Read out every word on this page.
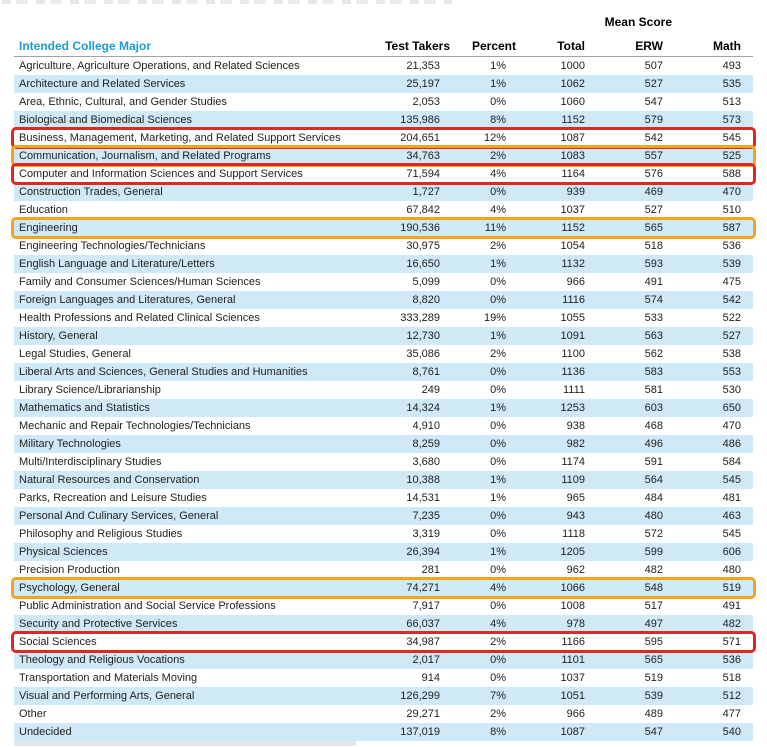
Mean Score
Intended College Major	Test Takers	Percent	Total	ERW	Math
Agriculture, Agriculture Operations, and Related Sciences	21,353	1%	1000	507	493
Architecture and Related Services	25,197	1%	1062	527	535
Area, Ethnic, Cultural, and Gender Studies	2,053	0%	1060	547	513
Biological and Biomedical Sciences	135,986	8%	1152	579	573
Business, Management, Marketing, and Related Support Services	204,651	12%	1087	542	545
Communication, Journalism, and Related Programs	34,763	2%	1083	557	525
Computer and Information Sciences and Support Services	71,594	4%	1164	576	588
Construction Trades, General	1,727	0%	939	469	470
Education	67,842	4%	1037	527	510
Engineering	190,536	11%	1152	565	587
Engineering Technologies/Technicians	30,975	2%	1054	518	536
English Language and Literature/Letters	16,650	1%	1132	593	539
Family and Consumer Sciences/Human Sciences	5,099	0%	966	491	475
Foreign Languages and Literatures, General	8,820	0%	1116	574	542
Health Professions and Related Clinical Sciences	333,289	19%	1055	533	522
History, General	12,730	1%	1091	563	527
Legal Studies, General	35,086	2%	1100	562	538
Liberal Arts and Sciences, General Studies and Humanities	8,761	0%	1136	583	553
Library Science/Librarianship	249	0%	1111	581	530
Mathematics and Statistics	14,324	1%	1253	603	650
Mechanic and Repair Technologies/Technicians	4,910	0%	938	468	470
Military Technologies	8,259	0%	982	496	486
Multi/Interdisciplinary Studies	3,680	0%	1174	591	584
Natural Resources and Conservation	10,388	1%	1109	564	545
Parks, Recreation and Leisure Studies	14,531	1%	965	484	481
Personal And Culinary Services, General	7,235	0%	943	480	463
Philosophy and Religious Studies	3,319	0%	1118	572	545
Physical Sciences	26,394	1%	1205	599	606
Precision Production	281	0%	962	482	480
Psychology, General	74,271	4%	1066	548	519
Public Administration and Social Service Professions	7,917	0%	1008	517	491
Security and Protective Services	66,037	4%	978	497	482
Social Sciences	34,987	2%	1166	595	571
Theology and Religious Vocations	2,017	0%	1101	565	536
Transportation and Materials Moving	914	0%	1037	519	518
Visual and Performing Arts, General	126,299	7%	1051	539	512
Other	29,271	2%	966	489	477
Undecided	137,019	8%	1087	547	540
